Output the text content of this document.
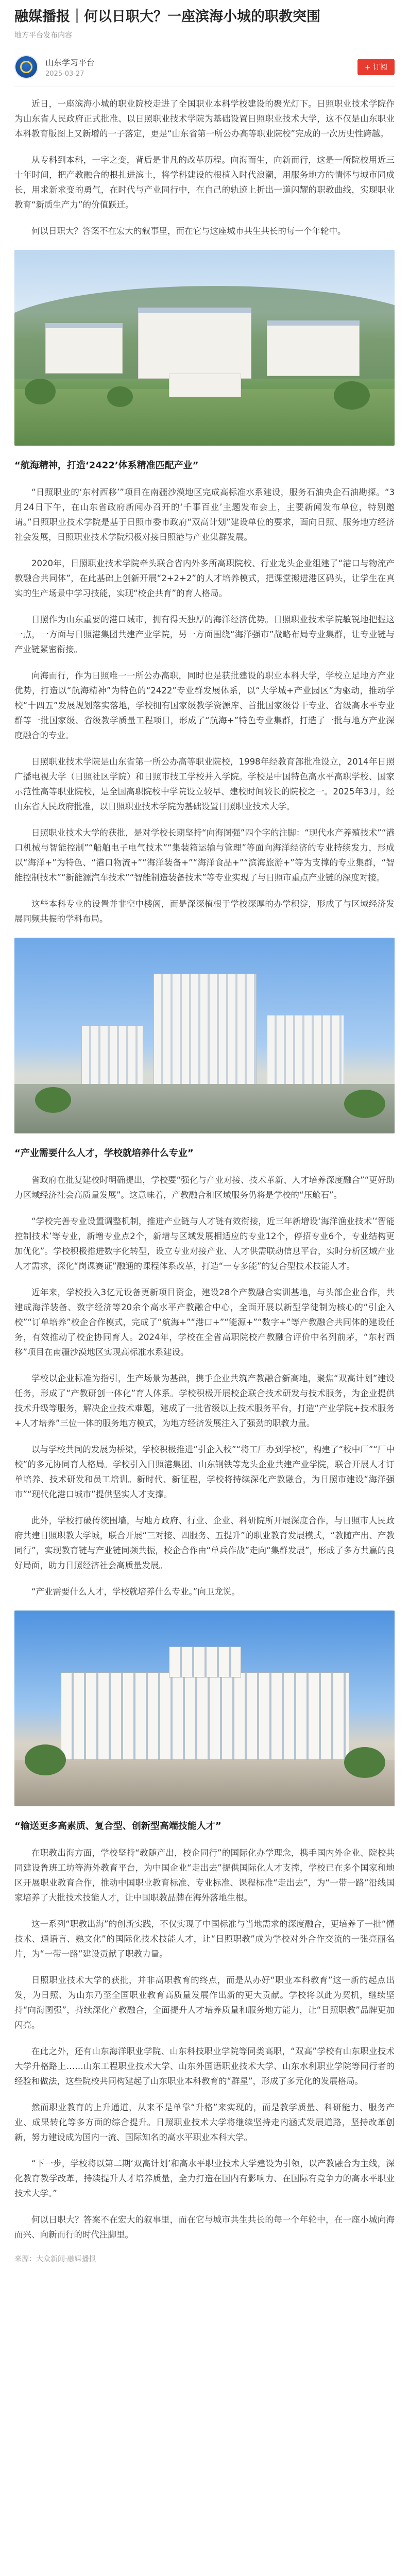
融媒播报｜何以日职大？一座滨海小城的职教突围
地方平台发布内容
山东学习平台
2025-03-27
+ 订阅

近日，一座滨海小城的职业院校走进了全国职业本科学校建设的聚光灯下。日照职业技术学院作为山东省人民政府正式批准、以日照职业技术学院为基础设置日照职业技术大学，这不仅是山东职业本科教育版图上又新增的一子落定，更是“山东省第一所公办高等职业院校”完成的一次历史性跨越。

从专科到本科，一字之变，背后是非凡的改革历程。向海而生，向新而行，这是一所院校用近三十年时间，把产教融合的根扎进滨土，将学科建设的根植入时代浪潮，用服务地方的情怀与城市同成长，用求新求变的勇气，在时代与产业同行中，在自己的轨迹上折出一道闪耀的职教曲线，实现职业教育“新质生产力”的价值跃迁。

何以日职大？答案不在宏大的叙事里，而在它与这座城市共生共长的每一个年轮中。

“航海精神，打造‘2422’体系精准匹配产业”

“日照职业的‘东村西移’”项目在南疆沙漠地区完成高标准水系建设，服务石油央企石油勘探。“3月24日下午，在山东省政府新闻办召开的‘千事百业’主题发布会上，主要新闻发布单位，特别邀请。”日照职业技术学院是基于日照市委市政府“双高计划”建设单位的要求，面向日照、服务地方经济社会发展，日照职业技术学院积极对接日照港与产业集群发展。

2020年，日照职业技术学院牵头联合省内外多所高职院校、行业龙头企业组建了“港口与物流产教融合共同体”，在此基础上创新开展“2+2+2”的人才培养模式，把课堂搬进港区码头，让学生在真实的生产场景中学习技能，实现“校企共育”的育人格局。

日照作为山东重要的港口城市，拥有得天独厚的海洋经济优势。日照职业技术学院敏锐地把握这一点，一方面与日照港集团共建产业学院，另一方面围绕“海洋强市”战略布局专业集群，让专业链与产业链紧密衔接。

向海而行，作为日照唯一一所公办高职，同时也是获批建设的职业本科大学，学校立足地方产业优势，打造以“航海精神”为特色的“2422”专业群发展体系，以“大学城+产业园区”为驱动，推动学校“十四五”发展规划落实落地，学校拥有国家级教学资源库、首批国家级骨干专业、省级高水平专业群等一批国家级、省级教学质量工程项目，形成了“航海+”特色专业集群，打造了一批与地方产业深度融合的专业。

日照职业技术学院是山东省第一所公办高等职业院校，1998年经教育部批准设立，2014年日照广播电视大学（日照社区学院）和日照市技工学校并入学院。学校是中国特色高水平高职学校、国家示范性高等职业院校，是全国高职院校中学院设立较早、建校时间较长的院校之一。2025年3月，经山东省人民政府批准，以日照职业技术学院为基础设置日照职业技术大学。

日照职业技术大学的获批，是对学校长期坚持“向海图强”四个字的注脚：“现代水产养殖技术”“港口机械与智能控制”“船舶电子电气技术”“集装箱运输与管理”等面向海洋经济的专业持续发力，形成以“海洋+”为特色、“港口物流+”“海洋装备+”“海洋食品+”“滨海旅游+”等为支撑的专业集群，“智能控制技术”“新能源汽车技术”“智能制造装备技术”等专业实现了与日照市重点产业链的深度对接。

这些本科专业的设置并非空中楼阁，而是深深植根于学校深厚的办学积淀，形成了与区域经济发展同频共振的学科布局。

“产业需要什么人才，学校就培养什么专业”

省政府在批复建校时明确提出，学校要“强化与产业对接、技术革新、人才培养深度融合”“更好助力区域经济社会高质量发展”。这意味着，产教融合和区域服务仍将是学校的“压舱石”。

“学校完善专业设置调整机制，推进产业链与人才链有效衔接，近三年新增设‘海洋渔业技术’‘智能控制技术’等专业，新增专业点2个，新增与区域发展相适应的专业12个，停招专业6个，专业结构更加优化”。学校积极推进数字化转型，设立专业对接产业、人才供需联动信息平台，实时分析区域产业人才需求，深化“岗课赛证”融通的课程体系改革，打造“一专多能”的复合型技术技能人才。

近年来，学校投入3亿元设备更新项目资金，建设28个产教融合实训基地，与头部企业合作，共建成海洋装备、数字经济等20余个高水平产教融合中心，全面开展以新型学徒制为核心的“引企入校”“订单培养”校企合作模式，完成了“航海+”“港口+”“能源+”“数字+”等产教融合共同体的建设任务，有效推动了校企协同育人。2024年，学校在全省高职院校产教融合评价中名列前茅，“东村西移”项目在南疆沙漠地区实现高标准水系建设。

学校以企业标准为指引，生产场景为基础，携手企业共筑产教融合新高地，聚焦“双高计划”建设任务，形成了“产教研创一体化”育人体系。学校积极开展校企联合技术研发与技术服务，为企业提供技术升级等服务，解决企业技术难题，建成了一批省级以上技术服务平台，打造“产业学院+技术服务+人才培养”三位一体的服务地方模式，为地方经济发展注入了强劲的职教力量。

以与学校共同的发展为桥梁，学校积极推进“引企入校”“将工厂办到学校”，构建了“校中厂”“厂中校”的多元协同育人格局。学校引入日照港集团、山东钢铁等龙头企业共建产业学院，联合开展人才订单培养、技术研发和员工培训。新时代、新征程，学校将持续深化产教融合，为日照市建设“海洋强市”“现代化港口城市”提供坚实人才支撑。

此外，学校打破传统围墙，与地方政府、行业、企业、科研院所开展深度合作，与日照市人民政府共建日照职教大学城，联合开展“三对接、四服务、五提升”的职业教育发展模式，“教随产出、产教同行”，实现教育链与产业链同频共振，校企合作由“单兵作战”走向“集群发展”，形成了多方共赢的良好局面，助力日照经济社会高质量发展。

“产业需要什么人才，学校就培养什么专业。”向卫龙说。

“输送更多高素质、复合型、创新型高端技能人才”

在职教出海方面，学校坚持“教随产出，校企同行”的国际化办学理念，携手国内外企业、院校共同建设鲁班工坊等海外教育平台，为中国企业“走出去”提供国际化人才支撑，学校已在多个国家和地区开展职业教育合作，推动中国职业教育标准、专业标准、课程标准“走出去”，为“一带一路”沿线国家培养了大批技术技能人才，让中国职教品牌在海外落地生根。

这一系列“职教出海”的创新实践，不仅实现了中国标准与当地需求的深度融合，更培养了一批“懂技术、通语言、熟文化”的国际化技术技能人才，让“日照职教”成为学校对外合作交流的一张亮丽名片，为“一带一路”建设贡献了职教力量。

日照职业技术大学的获批，并非高职教育的终点，而是从办好“职业本科教育”这一新的起点出发，为日照、为山东乃至全国职业教育高质量发展作出新的更大贡献。学校将以此为契机，继续坚持“向海图强”，持续深化产教融合，全面提升人才培养质量和服务地方能力，让“日照职教”品牌更加闪亮。

在此之外，还有山东海洋职业学院、山东科技职业学院等同类高职，“双高”学校有山东职业技术大学升格路上……山东工程职业技术大学、山东外国语职业技术大学、山东水利职业学院等同行者的经验和做法，这些院校共同构建起了山东职业本科教育的“群星”，形成了多元化的发展格局。

然而职业教育的上升通道，从来不是单靠“升格”来实现的，而是教学质量、科研能力、服务产业、成果转化等多方面的综合提升。日照职业技术大学将继续坚持走内涵式发展道路，坚持改革创新，努力建设成为国内一流、国际知名的高水平职业本科大学。

“下一步，学校将以第二期‘双高计划’和高水平职业技术大学建设为引领，以产教融合为主线，深化教育教学改革，持续提升人才培养质量，全力打造在国内有影响力、在国际有竞争力的高水平职业技术大学。”

何以日职大？答案不在宏大的叙事里，而在它与城市共生共长的每一个年轮中，在一座小城向海而兴、向新而行的时代注脚里。

来源：大众新闻·融媒播报
